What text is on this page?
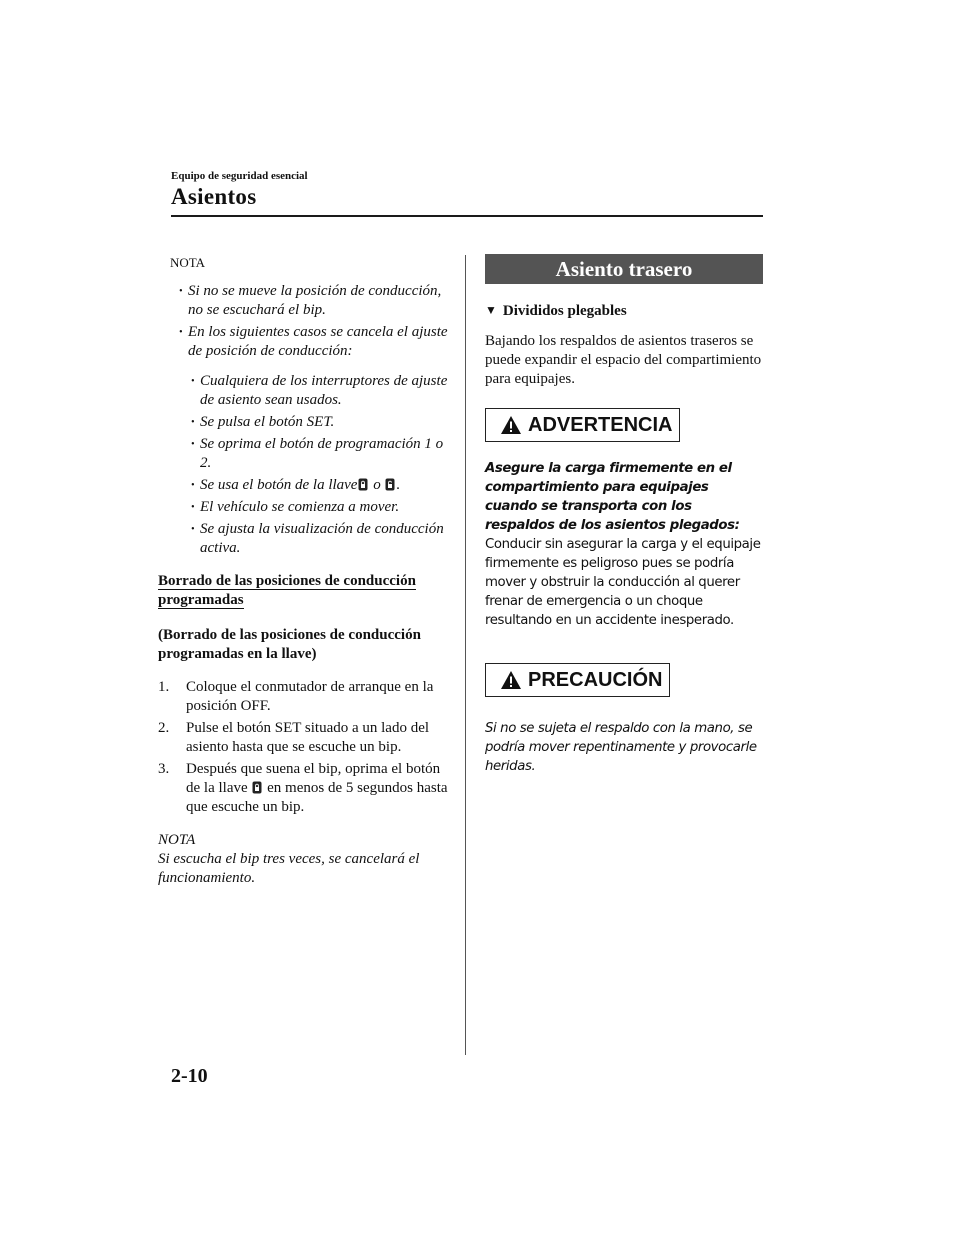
Equipo de seguridad esencial
Asientos
NOTA
• Si no se mueve la posición de conducción, no se escuchará el bip.
• En los siguientes casos se cancela el ajuste de posición de conducción:
• Cualquiera de los interruptores de ajuste de asiento sean usados.
• Se pulsa el botón SET.
• Se oprima el botón de programación 1 o 2.
• Se usa el botón de la llave o .
• El vehículo se comienza a mover.
• Se ajusta la visualización de conducción activa.
Borrado de las posiciones de conducción programadas
(Borrado de las posiciones de conducción programadas en la llave)
1. Coloque el conmutador de arranque en la posición OFF.
2. Pulse el botón SET situado a un lado del asiento hasta que se escuche un bip.
3. Después que suena el bip, oprima el botón de la llave en menos de 5 segundos hasta que escuche un bip.
NOTA
Si escucha el bip tres veces, se cancelará el funcionamiento.
Asiento trasero
▼ Divididos plegables
Bajando los respaldos de asientos traseros se puede expandir el espacio del compartimiento para equipajes.
ADVERTENCIA
Asegure la carga firmemente en el compartimiento para equipajes cuando se transporta con los respaldos de los asientos plegados:
Conducir sin asegurar la carga y el equipaje firmemente es peligroso pues se podría mover y obstruir la conducción al querer frenar de emergencia o un choque resultando en un accidente inesperado.
PRECAUCIÓN
Si no se sujeta el respaldo con la mano, se podría mover repentinamente y provocarle heridas.
2-10
